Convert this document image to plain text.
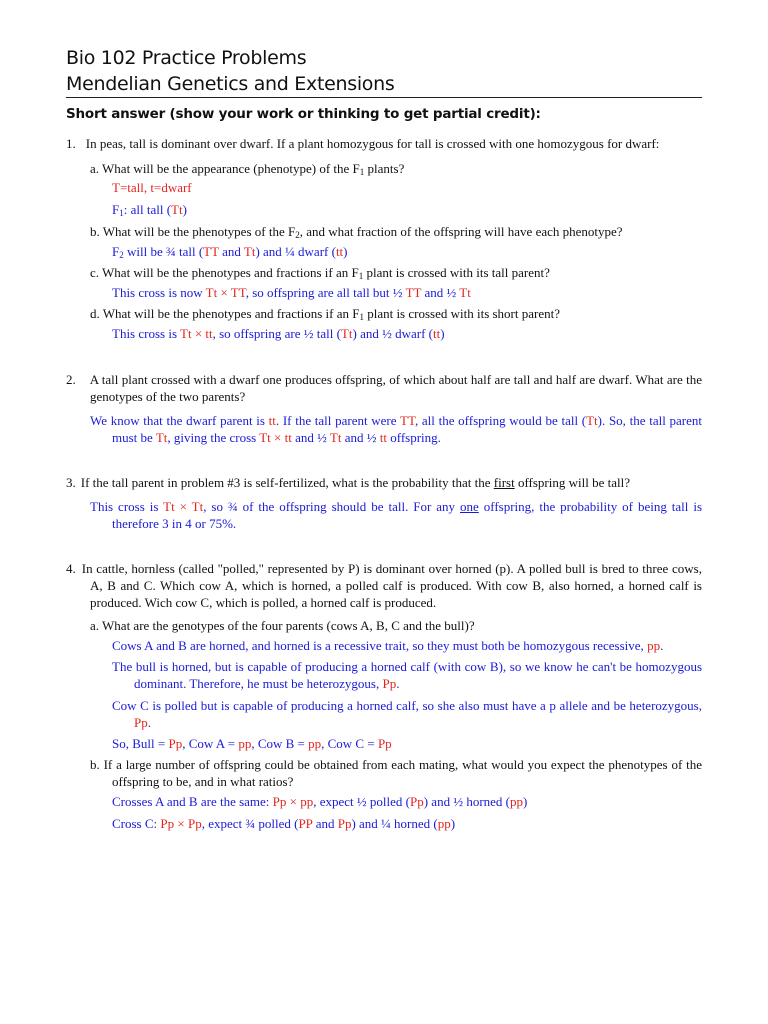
Bio 102 Practice Problems
Mendelian Genetics and Extensions
Short answer (show your work or thinking to get partial credit):
1. In peas, tall is dominant over dwarf. If a plant homozygous for tall is crossed with one homozygous for dwarf:
a. What will be the appearance (phenotype) of the $F_1$ plants?
T=tall, t=dwarf
$F_1$: all tall (Tt)
b. What will be the phenotypes of the $F_2$, and what fraction of the offspring will have each phenotype?
$F_2$ will be ¾ tall (TT and Tt) and ¼ dwarf (tt)
c. What will be the phenotypes and fractions if an $F_1$ plant is crossed with its tall parent?
This cross is now Tt × TT, so offspring are all tall but ½ TT and ½ Tt
d. What will be the phenotypes and fractions if an $F_1$ plant is crossed with its short parent?
This cross is Tt × tt, so offspring are ½ tall (Tt) and ½ dwarf (tt)
2. A tall plant crossed with a dwarf one produces offspring, of which about half are tall and half are dwarf. What are the genotypes of the two parents?
We know that the dwarf parent is tt. If the tall parent were TT, all the offspring would be tall (Tt). So, the tall parent must be Tt, giving the cross Tt × tt and ½ Tt and ½ tt offspring.
3. If the tall parent in problem #3 is self-fertilized, what is the probability that the first offspring will be tall?
This cross is Tt × Tt, so ¾ of the offspring should be tall. For any one offspring, the probability of being tall is therefore 3 in 4 or 75%.
4. In cattle, hornless (called "polled," represented by P) is dominant over horned (p). A polled bull is bred to three cows, A, B and C. Which cow A, which is horned, a polled calf is produced. With cow B, also horned, a horned calf is produced. Wich cow C, which is polled, a horned calf is produced.
a. What are the genotypes of the four parents (cows A, B, C and the bull)?
Cows A and B are horned, and horned is a recessive trait, so they must both be homozygous recessive, pp.
The bull is horned, but is capable of producing a horned calf (with cow B), so we know he can't be homozygous dominant. Therefore, he must be heterozygous, Pp.
Cow C is polled but is capable of producing a horned calf, so she also must have a p allele and be heterozygous, Pp.
So, Bull = Pp, Cow A = pp, Cow B = pp, Cow C = Pp
b. If a large number of offspring could be obtained from each mating, what would you expect the phenotypes of the offspring to be, and in what ratios?
Crosses A and B are the same: Pp × pp, expect ½ polled (Pp) and ½ horned (pp)
Cross C: Pp × Pp, expect ¾ polled (PP and Pp) and ¼ horned (pp)
